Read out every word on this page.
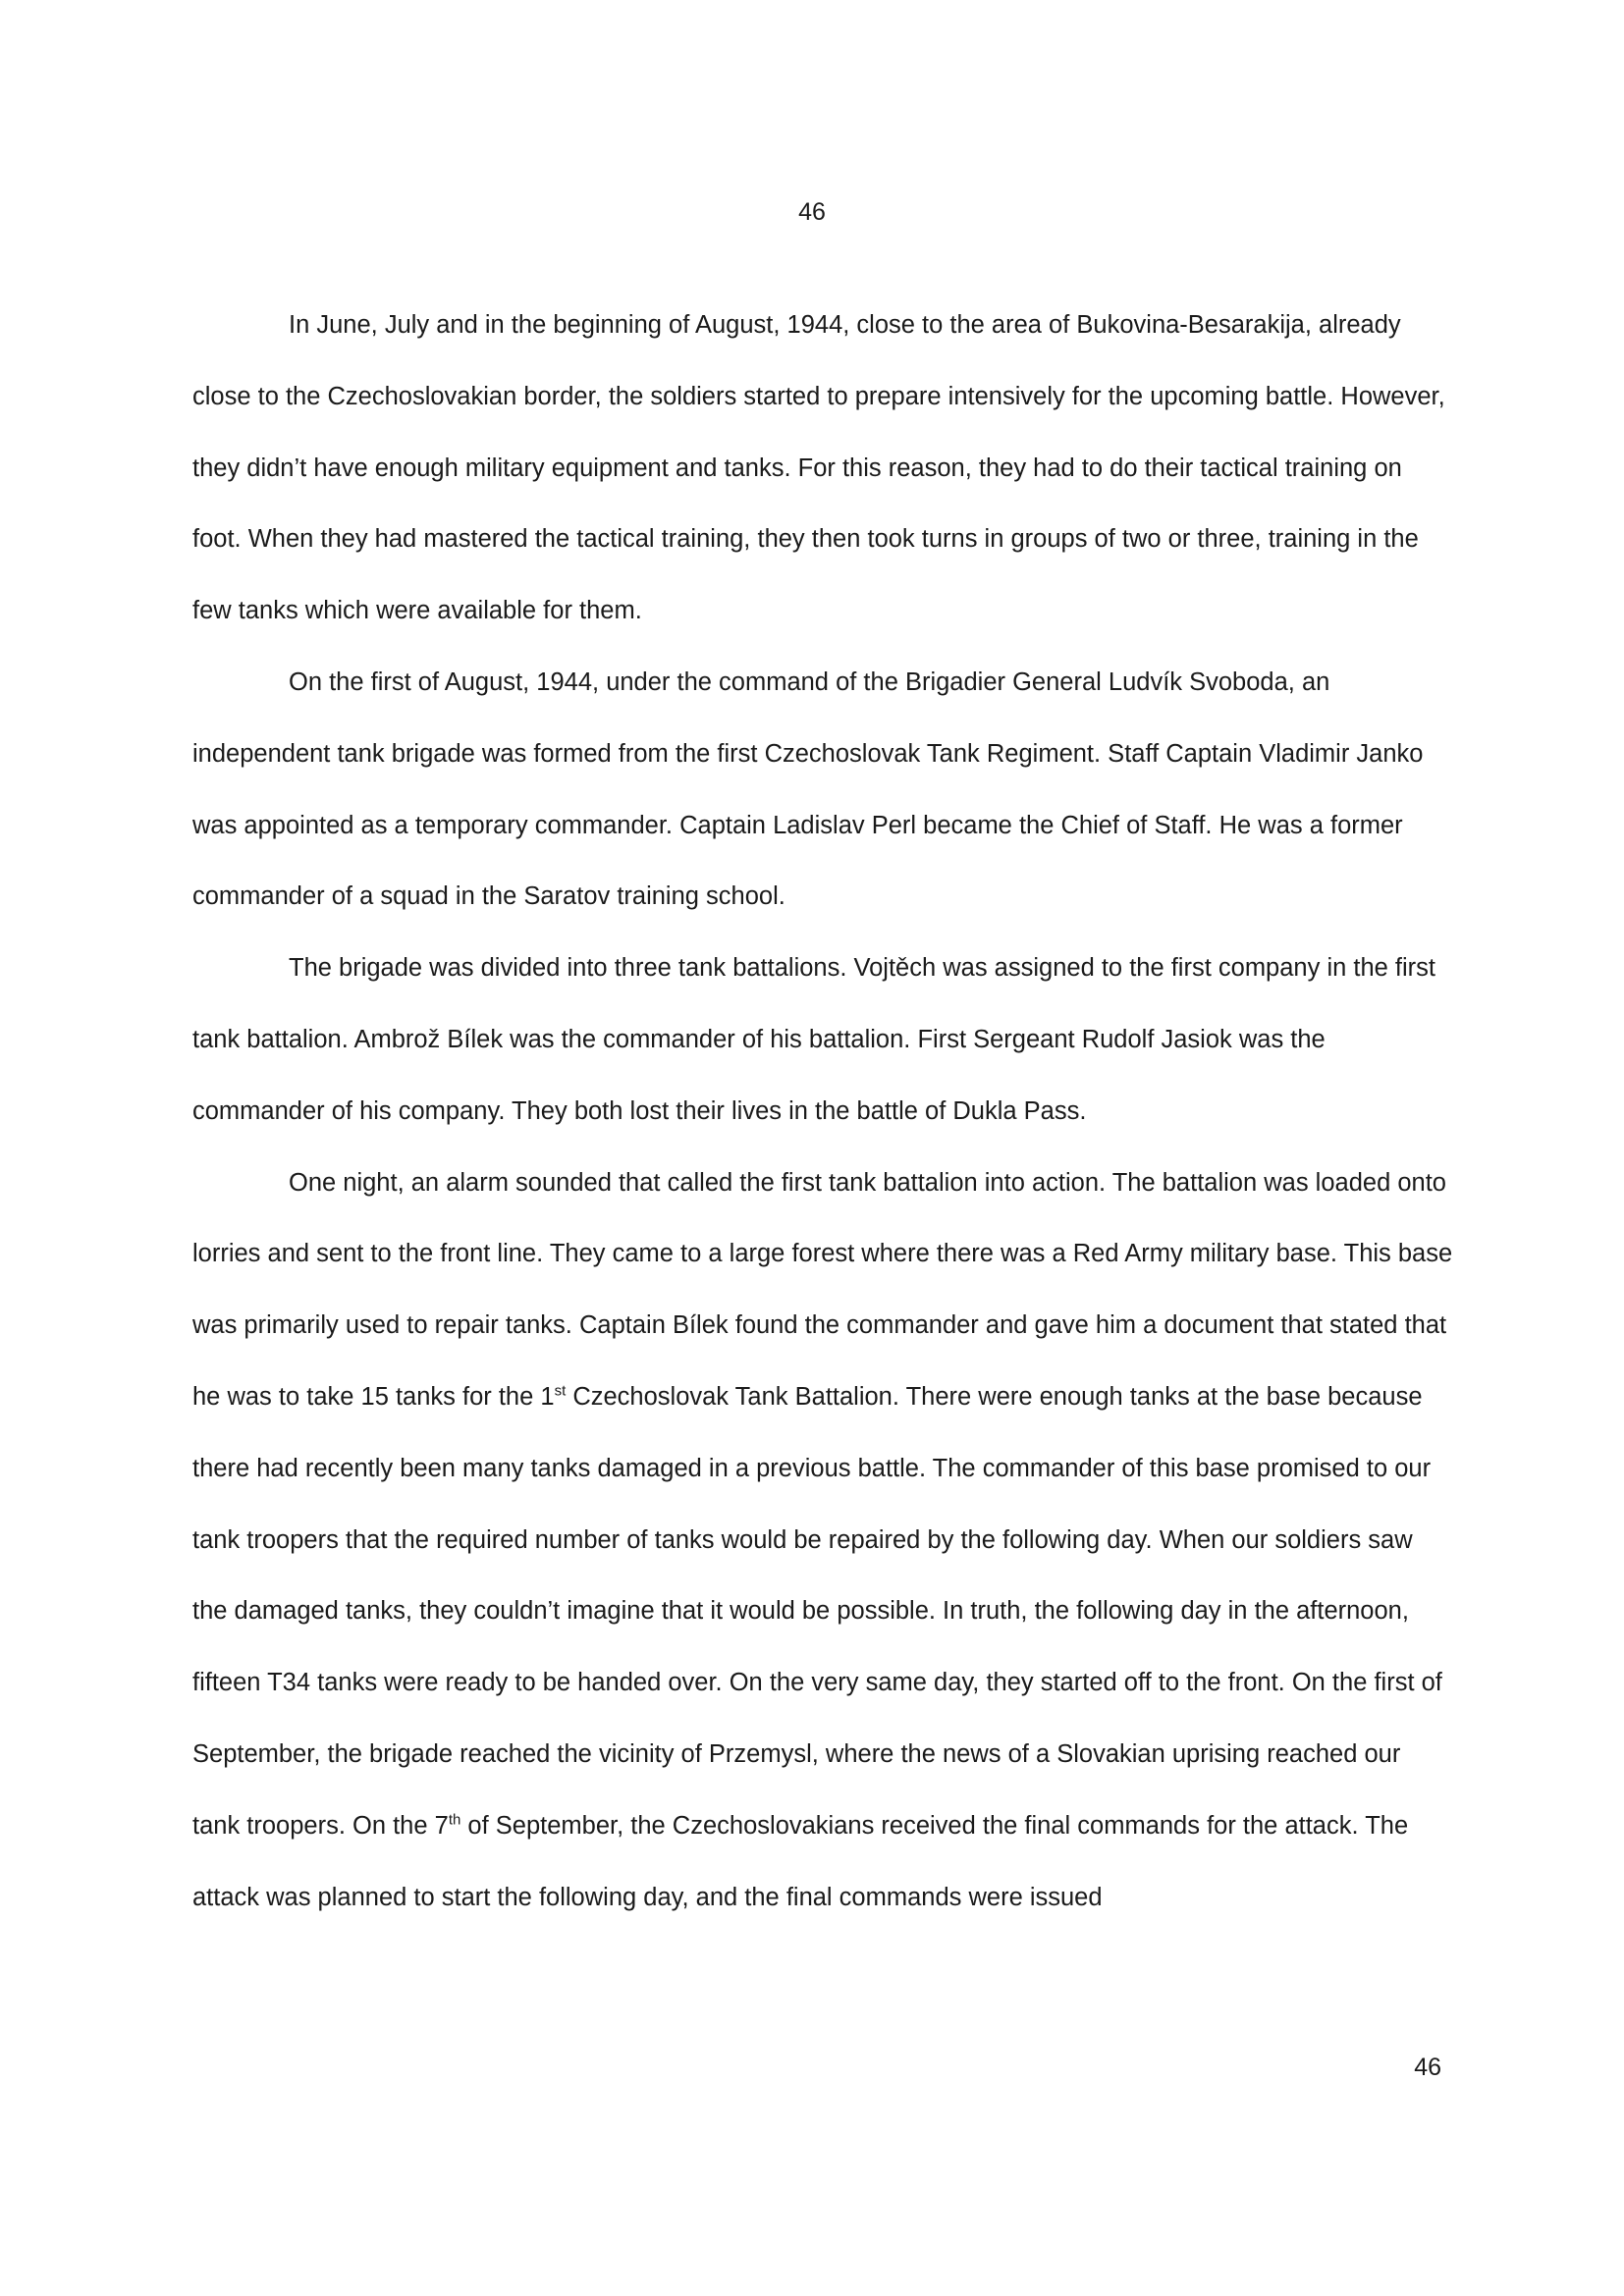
46

In June, July and in the beginning of August, 1944, close to the area of Bukovina-Besarakija, already close to the Czechoslovakian border, the soldiers started to prepare intensively for the upcoming battle. However, they didn’t have enough military equipment and tanks. For this reason, they had to do their tactical training on foot. When they had mastered the tactical training, they then took turns in groups of two or three, training in the few tanks which were available for them.

On the first of August, 1944, under the command of the Brigadier General Ludvík Svoboda, an independent tank brigade was formed from the first Czechoslovak Tank Regiment. Staff Captain Vladimir Janko was appointed as a temporary commander. Captain Ladislav Perl became the Chief of Staff. He was a former commander of a squad in the Saratov training school.

The brigade was divided into three tank battalions. Vojtěch was assigned to the first company in the first tank battalion. Ambrož Bílek was the commander of his battalion. First Sergeant Rudolf Jasiok was the commander of his company. They both lost their lives in the battle of Dukla Pass.

One night, an alarm sounded that called the first tank battalion into action. The battalion was loaded onto lorries and sent to the front line. They came to a large forest where there was a Red Army military base. This base was primarily used to repair tanks. Captain Bílek found the commander and gave him a document that stated that he was to take 15 tanks for the 1st Czechoslovak Tank Battalion. There were enough tanks at the base because there had recently been many tanks damaged in a previous battle. The commander of this base promised to our tank troopers that the required number of tanks would be repaired by the following day. When our soldiers saw the damaged tanks, they couldn’t imagine that it would be possible. In truth, the following day in the afternoon, fifteen T34 tanks were ready to be handed over. On the very same day, they started off to the front. On the first of September, the brigade reached the vicinity of Przemysl, where the news of a Slovakian uprising reached our tank troopers. On the 7th of September, the Czechoslovakians received the final commands for the attack. The attack was planned to start the following day, and the final commands were issued

46
